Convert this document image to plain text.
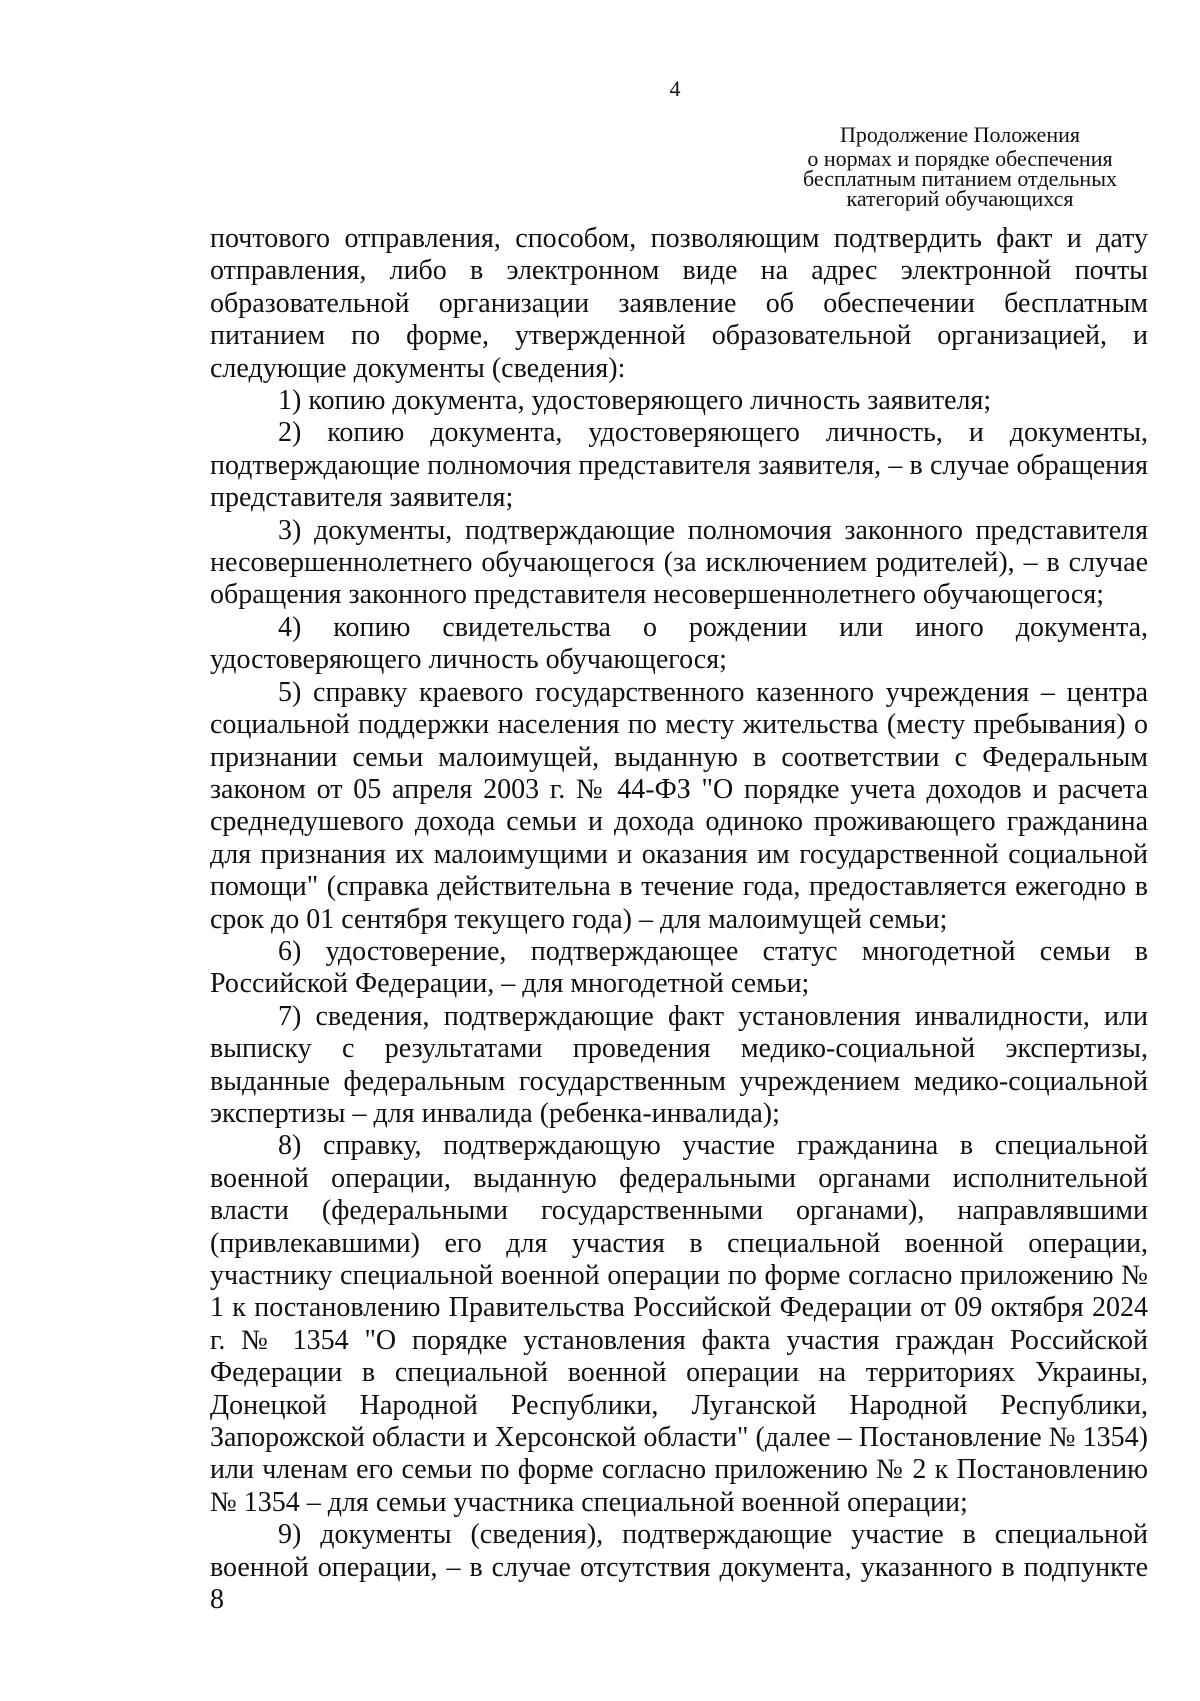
4
Продолжение Положения
о нормах и порядке обеспечения
бесплатным питанием отдельных
категорий обучающихся

почтового отправления, способом, позволяющим подтвердить факт и дату отправления, либо в электронном виде на адрес электронной почты образовательной организации заявление об обеспечении бесплатным питанием по форме, утвержденной образовательной организацией, и следующие документы (сведения):

1) копию документа, удостоверяющего личность заявителя;

2) копию документа, удостоверяющего личность, и документы, подтверждающие полномочия представителя заявителя, – в случае обращения представителя заявителя;

3) документы, подтверждающие полномочия законного представителя несовершеннолетнего обучающегося (за исключением родителей), – в случае обращения законного представителя несовершеннолетнего обучающегося;

4) копию свидетельства о рождении или иного документа, удостоверяющего личность обучающегося;

5) справку краевого государственного казенного учреждения – центра социальной поддержки населения по месту жительства (месту пребывания) о признании семьи малоимущей, выданную в соответствии с Федеральным законом от 05 апреля 2003 г. № 44-ФЗ "О порядке учета доходов и расчета среднедушевого дохода семьи и дохода одиноко проживающего гражданина для признания их малоимущими и оказания им государственной социальной помощи" (справка действительна в течение года, предоставляется ежегодно в срок до 01 сентября текущего года) – для малоимущей семьи;

6) удостоверение, подтверждающее статус многодетной семьи в Российской Федерации, – для многодетной семьи;

7) сведения, подтверждающие факт установления инвалидности, или выписку с результатами проведения медико-социальной экспертизы, выданные федеральным государственным учреждением медико-социальной экспертизы – для инвалида (ребенка-инвалида);

8) справку, подтверждающую участие гражданина в специальной военной операции, выданную федеральными органами исполнительной власти (федеральными государственными органами), направлявшими (привлекавшими) его для участия в специальной военной операции, участнику специальной военной операции по форме согласно приложению № 1 к постановлению Правительства Российской Федерации от 09 октября 2024 г. № 1354 "О порядке установления факта участия граждан Российской Федерации в специальной военной операции на территориях Украины, Донецкой Народной Республики, Луганской Народной Республики, Запорожской области и Херсонской области" (далее – Постановление № 1354) или членам его семьи по форме согласно приложению № 2 к Постановлению № 1354 – для семьи участника специальной военной операции;

9) документы (сведения), подтверждающие участие в специальной военной операции, – в случае отсутствия документа, указанного в подпункте 8
